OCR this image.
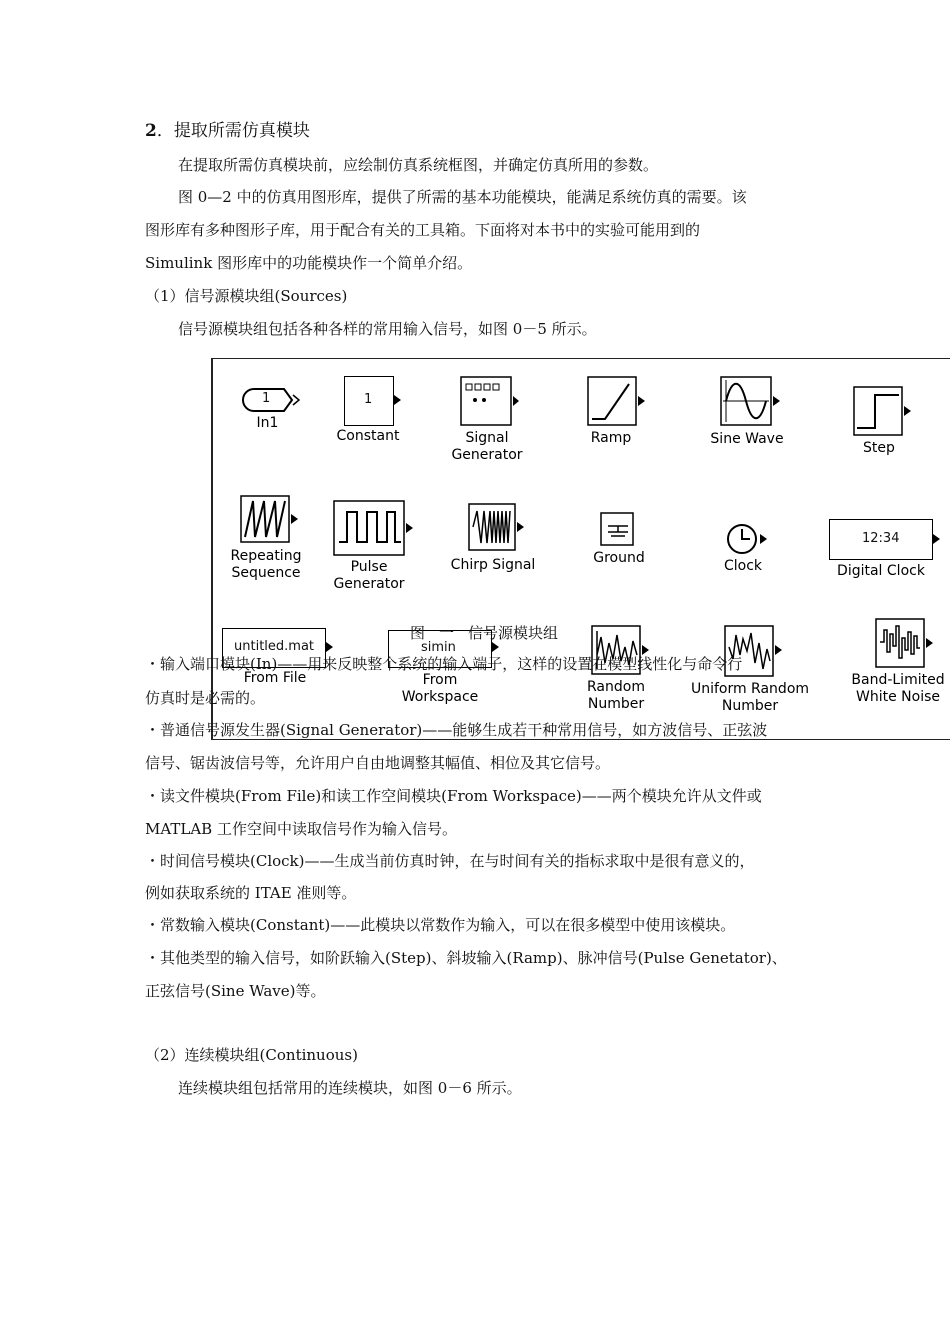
2．提取所需仿真模块
在提取所需仿真模块前，应绘制仿真系统框图，并确定仿真所用的参数。
图 0—2 中的仿真用图形库，提供了所需的基本功能模块，能满足系统仿真的需要。该
图形库有多种图形子库，用于配合有关的工具箱。下面将对本书中的实验可能用到的
Simulink 图形库中的功能模块作一个简单介绍。
（1）信号源模块组(Sources)
信号源模块组包括各种各样的常用输入信号，如图 0－5 所示。
1
In1
1
Constant	Signal
Generator
Ramp	Sine Wave
Step
Repeating
Sequence	Pulse
Generator
Chirp Signal	Ground	Clock
12:34
Digital Clock
untitled.mat
From File
simin
From
Workspace
Random
Number
Uniform Random
Number
Band-Limited
White Noise
图 一 信号源模块组
・输入端口模块(In)——用来反映整个系统的输入端子，这样的设置在模型线性化与命令行
仿真时是必需的。
・普通信号源发生器(Signal Generator)——能够生成若干种常用信号，如方波信号、正弦波
信号、锯齿波信号等，允许用户自由地调整其幅值、相位及其它信号。
・读文件模块(From File)和读工作空间模块(From Workspace)——两个模块允许从文件或
MATLAB 工作空间中读取信号作为输入信号。
・时间信号模块(Clock)——生成当前仿真时钟，在与时间有关的指标求取中是很有意义的，
例如获取系统的 ITAE 准则等。
・常数输入模块(Constant)——此模块以常数作为输入，可以在很多模型中使用该模块。
・其他类型的输入信号，如阶跃输入(Step)、斜坡输入(Ramp)、脉冲信号(Pulse Genetator)、
正弦信号(Sine Wave)等。
（2）连续模块组(Continuous)
连续模块组包括常用的连续模块，如图 0－6 所示。
